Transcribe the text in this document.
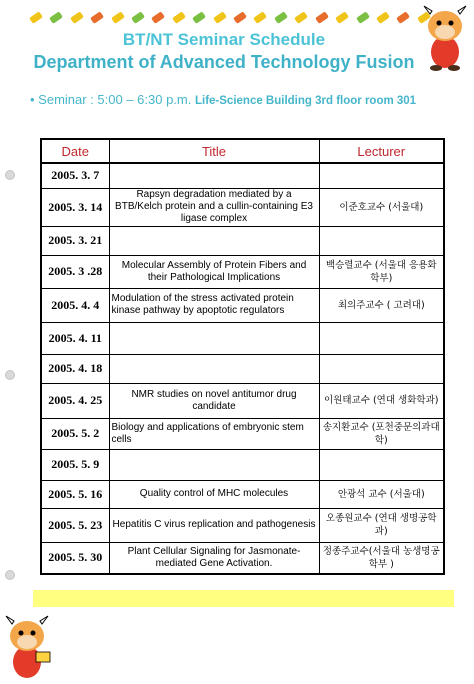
BT/NT Seminar Schedule
Department of Advanced Technology Fusion
• Seminar : 5:00 – 6:30 p.m. Life-Science Building 3rd floor room 301
Date	Title	Lecturer
2005. 3. 7		
2005. 3. 14	Rapsyn degradation mediated by a BTB/Kelch protein and a cullin-containing E3 ligase complex	이준호교수 (서울대)
2005. 3. 21		
2005. 3 .28	Molecular Assembly of Protein Fibers and their Pathological Implications	백승렬교수 (서울대 응용화학부)
2005. 4. 4	Modulation of the stress activated protein kinase pathway by apoptotic regulators	최의주교수 ( 고려대)
2005. 4. 11		
2005. 4. 18		
2005. 4. 25	NMR studies on novel antitumor drug candidate	이원태교수 (연대 생화학과)
2005. 5. 2	Biology and applications of embryonic stem cells	송지환교수 (포천중문의과대학)
2005. 5. 9		
2005. 5. 16	Quality control of MHC molecules	안광석 교수 (서울대)
2005. 5. 23	Hepatitis C virus replication and pathogenesis	오종원교수 (연대 생명공학과)
2005. 5. 30	Plant Cellular Signaling for Jasmonate-mediated Gene Activation.	정종주교수(서울대 농생명공학부 )
